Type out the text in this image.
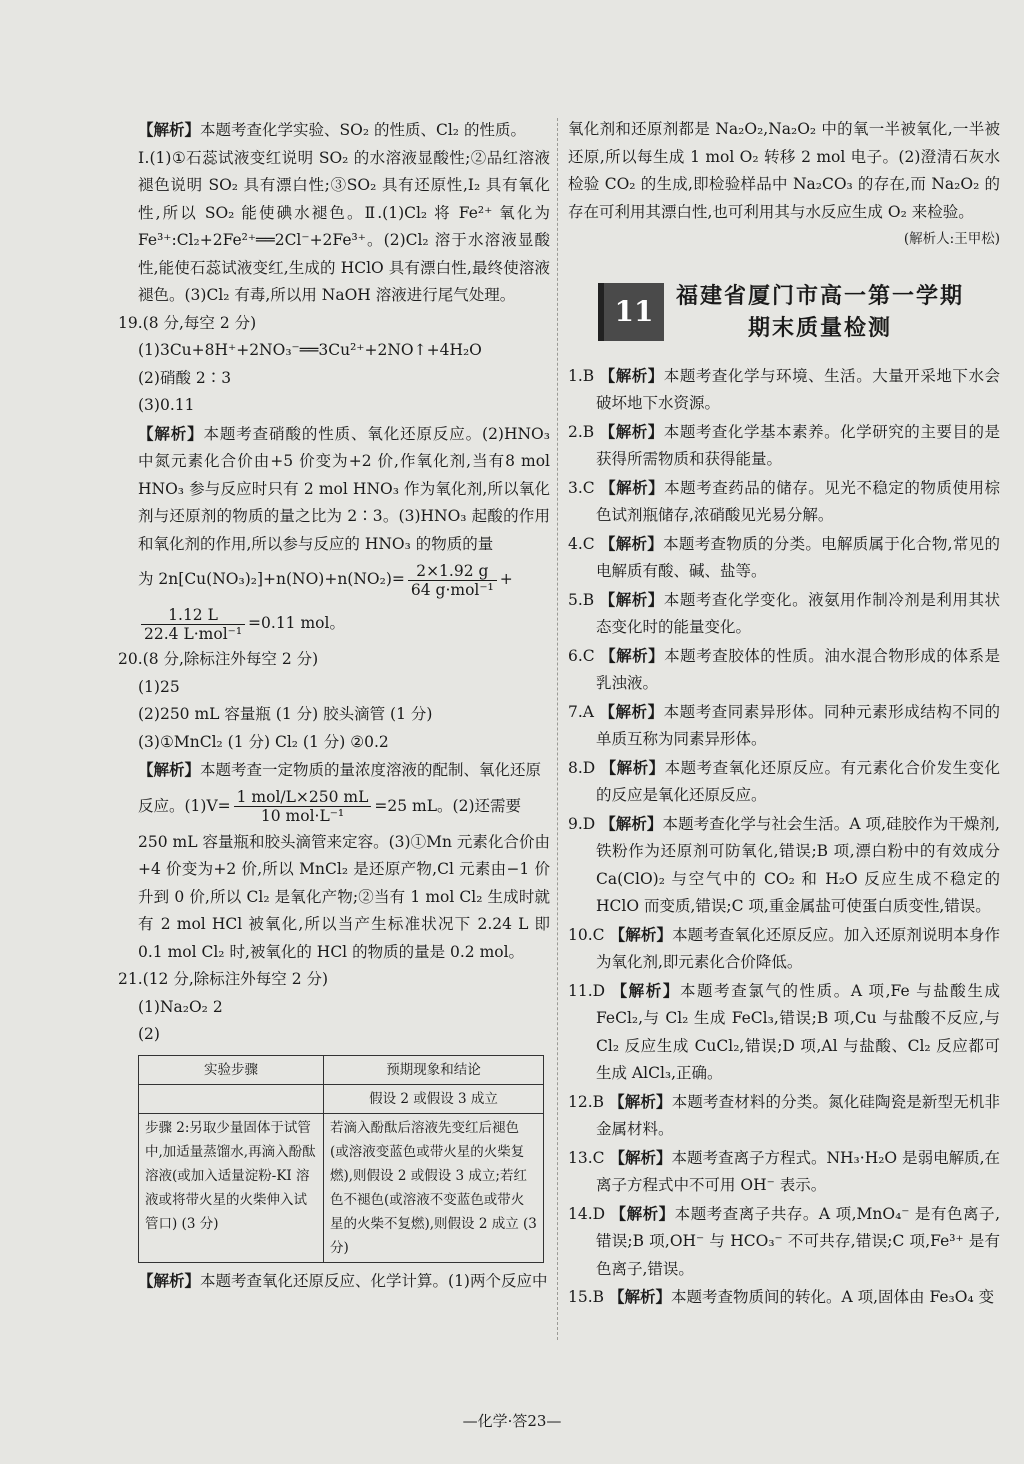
【解析】本题考查化学实验、SO₂ 的性质、Cl₂ 的性质。

Ⅰ.(1)①石蕊试液变红说明 SO₂ 的水溶液显酸性;②品红溶液褪色说明 SO₂ 具有漂白性;③SO₂ 具有还原性,I₂ 具有氧化性,所以 SO₂ 能使碘水褪色。Ⅱ.(1)Cl₂ 将 Fe²⁺ 氧化为 Fe³⁺:Cl₂+2Fe²⁺══2Cl⁻+2Fe³⁺。(2)Cl₂ 溶于水溶液显酸性,能使石蕊试液变红,生成的 HClO 具有漂白性,最终使溶液褪色。(3)Cl₂ 有毒,所以用 NaOH 溶液进行尾气处理。

19.(8 分,每空 2 分)

(1)3Cu+8H⁺+2NO₃⁻══3Cu²⁺+2NO↑+4H₂O

(2)硝酸 2∶3

(3)0.11

【解析】本题考查硝酸的性质、氧化还原反应。(2)HNO₃ 中氮元素化合价由+5 价变为+2 价,作氧化剂,当有8 mol HNO₃ 参与反应时只有 2 mol HNO₃ 作为氧化剂,所以氧化剂与还原剂的物质的量之比为 2∶3。(3)HNO₃ 起酸的作用和氧化剂的作用,所以参与反应的 HNO₃ 的物质的量

为 $2n[Cu(NO_3)_2]+n(NO)+n(NO_2)= \frac{2\times 1.92 g}{\text{64 g·mol⁻¹}}$ +
$\frac{1.12 L}{\text{22.4 L·mol⁻¹}} =0.11$ mol。

20.(8 分,除标注外每空 2 分)

(1)25

(2)250 mL 容量瓶 (1 分) 胶头滴管 (1 分)

(3)①MnCl₂ (1 分) Cl₂ (1 分) ②0.2

【解析】本题考查一定物质的量浓度溶液的配制、氧化还原

反应。$(1)V= \frac{\text{1 mol/L×250 mL}}{\text{10 mol·L⁻¹}} =25$ mL。(2)还需要

250 mL 容量瓶和胶头滴管来定容。(3)①Mn 元素化合价由+4 价变为+2 价,所以 MnCl₂ 是还原产物,Cl 元素由−1 价升到 0 价,所以 Cl₂ 是氧化产物;②当有 1 mol Cl₂ 生成时就有 2 mol HCl 被氧化,所以当产生标准状况下 2.24 L 即 0.1 mol Cl₂ 时,被氧化的 HCl 的物质的量是 0.2 mol。

21.(12 分,除标注外每空 2 分)

(1)Na₂O₂ 2

(2)

实验步骤	预期现象和结论
	假设 2 或假设 3 成立
步骤 2:另取少量固体于试管中,加适量蒸馏水,再滴入酚酞溶液(或加入适量淀粉-KI 溶液或将带火星的火柴伸入试管口) (3 分)	若滴入酚酞后溶液先变红后褪色(或溶液变蓝色或带火星的火柴复燃),则假设 2 或假设 3 成立;若红色不褪色(或溶液不变蓝色或带火星的火柴不复燃),则假设 2 成立 (3 分)

【解析】本题考查氧化还原反应、化学计算。(1)两个反应中

氧化剂和还原剂都是 Na₂O₂,Na₂O₂ 中的氧一半被氧化,一半被还原,所以每生成 1 mol O₂ 转移 2 mol 电子。(2)澄清石灰水检验 CO₂ 的生成,即检验样品中 Na₂CO₃ 的存在,而 Na₂O₂ 的存在可利用其漂白性,也可利用其与水反应生成 O₂ 来检验。

(解析人:王甲松)

11	福建省厦门市高一第一学期
期末质量检测

1.B 【解析】本题考查化学与环境、生活。大量开采地下水会破坏地下水资源。

2.B 【解析】本题考查化学基本素养。化学研究的主要目的是获得所需物质和获得能量。

3.C 【解析】本题考查药品的储存。见光不稳定的物质使用棕色试剂瓶储存,浓硝酸见光易分解。

4.C 【解析】本题考查物质的分类。电解质属于化合物,常见的电解质有酸、碱、盐等。

5.B 【解析】本题考查化学变化。液氨用作制冷剂是利用其状态变化时的能量变化。

6.C 【解析】本题考查胶体的性质。油水混合物形成的体系是乳浊液。

7.A 【解析】本题考查同素异形体。同种元素形成结构不同的单质互称为同素异形体。

8.D 【解析】本题考查氧化还原反应。有元素化合价发生变化的反应是氧化还原反应。

9.D 【解析】本题考查化学与社会生活。A 项,硅胶作为干燥剂,铁粉作为还原剂可防氧化,错误;B 项,漂白粉中的有效成分 Ca(ClO)₂ 与空气中的 CO₂ 和 H₂O 反应生成不稳定的 HClO 而变质,错误;C 项,重金属盐可使蛋白质变性,错误。

10.C 【解析】本题考查氧化还原反应。加入还原剂说明本身作为氧化剂,即元素化合价降低。

11.D 【解析】本题考查氯气的性质。A 项,Fe 与盐酸生成 FeCl₂,与 Cl₂ 生成 FeCl₃,错误;B 项,Cu 与盐酸不反应,与 Cl₂ 反应生成 CuCl₂,错误;D 项,Al 与盐酸、Cl₂ 反应都可生成 AlCl₃,正确。

12.B 【解析】本题考查材料的分类。氮化硅陶瓷是新型无机非金属材料。

13.C 【解析】本题考查离子方程式。NH₃·H₂O 是弱电解质,在离子方程式中不可用 OH⁻ 表示。

14.D 【解析】本题考查离子共存。A 项,MnO₄⁻ 是有色离子,错误;B 项,OH⁻ 与 HCO₃⁻ 不可共存,错误;C 项,Fe³⁺ 是有色离子,错误。

15.B 【解析】本题考查物质间的转化。A 项,固体由 Fe₃O₄ 变

—化学·答23—
